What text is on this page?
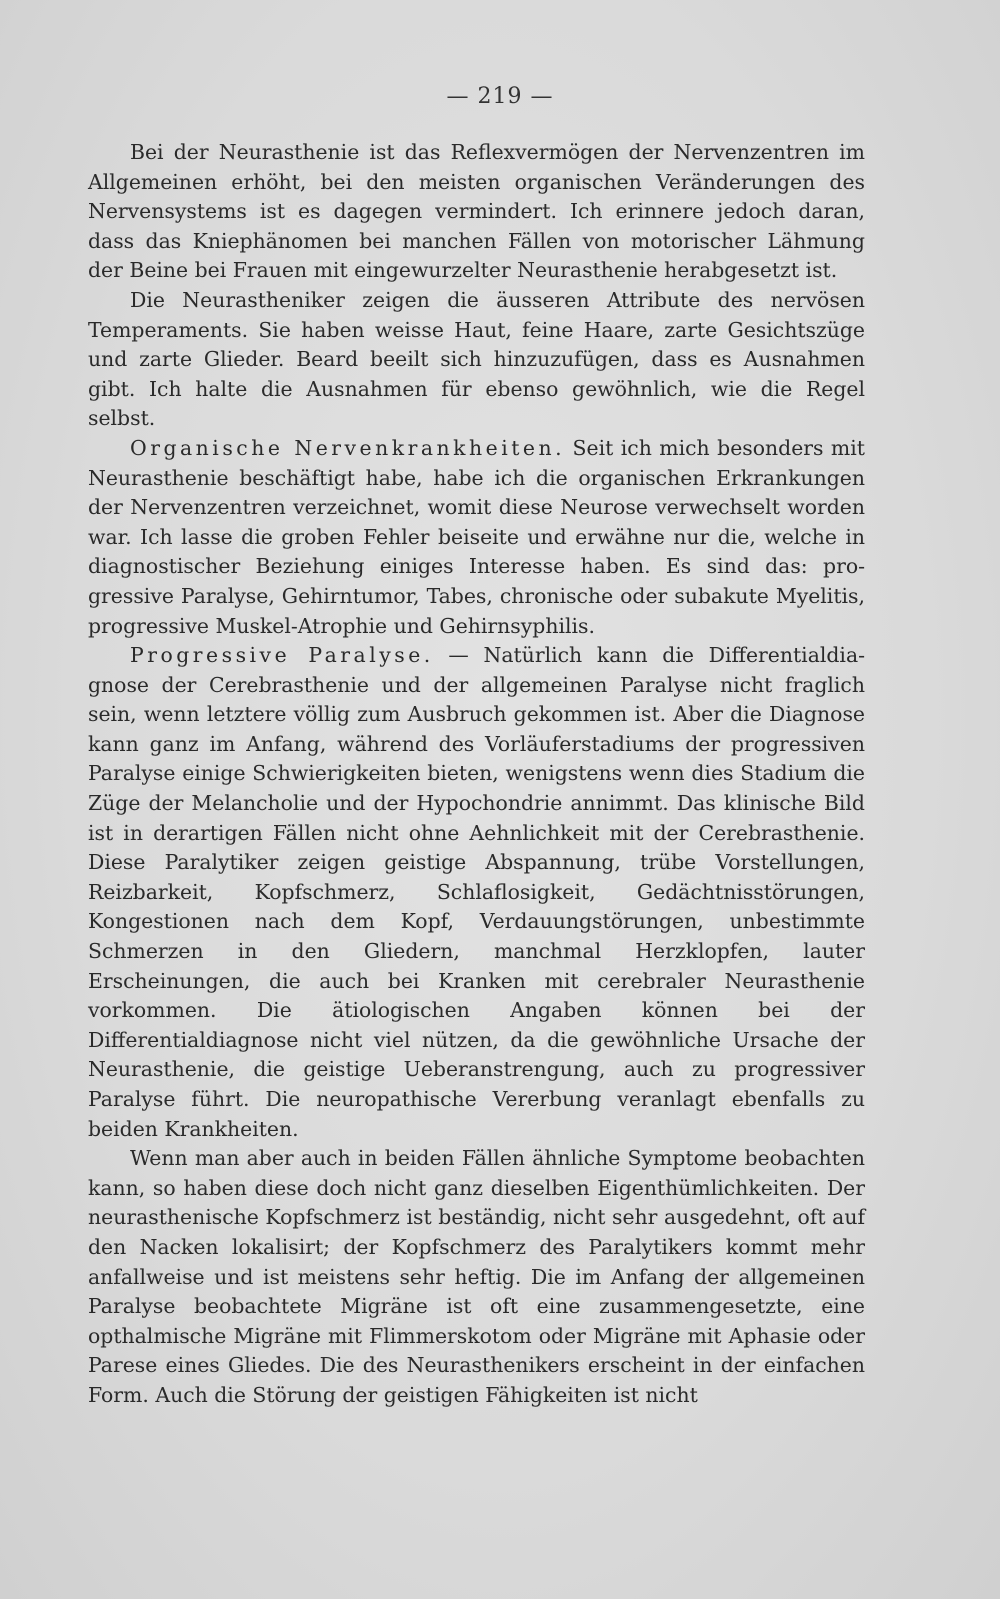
— 219 —

Bei der Neurasthenie ist das Reflexvermögen der Nervenzentren im Allgemeinen erhöht, bei den meisten organischen Veränderungen des Nervensystems ist es dagegen vermindert. Ich erinnere jedoch daran, dass das Kniephänomen bei manchen Fällen von motorischer Lähmung der Beine bei Frauen mit eingewurzelter Neurasthenie herabgesetzt ist.

Die Neurastheniker zeigen die äusseren Attribute des nervösen Temperaments. Sie haben weisse Haut, feine Haare, zarte Gesichtszüge und zarte Glieder. Beard beeilt sich hinzuzufügen, dass es Ausnahmen gibt. Ich halte die Ausnahmen für ebenso gewöhnlich, wie die Regel selbst.

Organische Nervenkrankheiten. Seit ich mich besonders mit Neurasthenie beschäftigt habe, habe ich die organischen Erkrankungen der Nervenzentren verzeichnet, womit diese Neurose verwechselt worden war. Ich lasse die groben Fehler beiseite und erwähne nur die, welche in diagnostischer Beziehung einiges Interesse haben. Es sind das: progressive Paralyse, Gehirntumor, Tabes, chronische oder subakute Myelitis, progressive Muskel-Atrophie und Gehirnsyphilis.

Progressive Paralyse. — Natürlich kann die Differentialdiagnose der Cerebrasthenie und der allgemeinen Paralyse nicht fraglich sein, wenn letztere völlig zum Ausbruch gekommen ist. Aber die Diagnose kann ganz im Anfang, während des Vorläuferstadiums der progressiven Paralyse einige Schwierigkeiten bieten, wenigstens wenn dies Stadium die Züge der Melancholie und der Hypochondrie annimmt. Das klinische Bild ist in derartigen Fällen nicht ohne Aehnlichkeit mit der Cerebrasthenie. Diese Paralytiker zeigen geistige Abspannung, trübe Vorstellungen, Reizbarkeit, Kopfschmerz, Schlaflosigkeit, Gedächtnisstörungen, Kongestionen nach dem Kopf, Verdauungstörungen, unbestimmte Schmerzen in den Gliedern, manchmal Herzklopfen, lauter Erscheinungen, die auch bei Kranken mit cerebraler Neurasthenie vorkommen. Die ätiologischen Angaben können bei der Differentialdiagnose nicht viel nützen, da die gewöhnliche Ursache der Neurasthenie, die geistige Ueberanstrengung, auch zu progressiver Paralyse führt. Die neuropathische Vererbung veranlagt ebenfalls zu beiden Krankheiten.

Wenn man aber auch in beiden Fällen ähnliche Symptome beobachten kann, so haben diese doch nicht ganz dieselben Eigenthümlichkeiten. Der neurasthenische Kopfschmerz ist beständig, nicht sehr ausgedehnt, oft auf den Nacken lokalisirt; der Kopfschmerz des Paralytikers kommt mehr anfallweise und ist meistens sehr heftig. Die im Anfang der allgemeinen Paralyse beobachtete Migräne ist oft eine zusammengesetzte, eine opthalmische Migräne mit Flimmerskotom oder Migräne mit Aphasie oder Parese eines Gliedes. Die des Neurasthenikers erscheint in der einfachen Form. Auch die Störung der geistigen Fähigkeiten ist nicht
